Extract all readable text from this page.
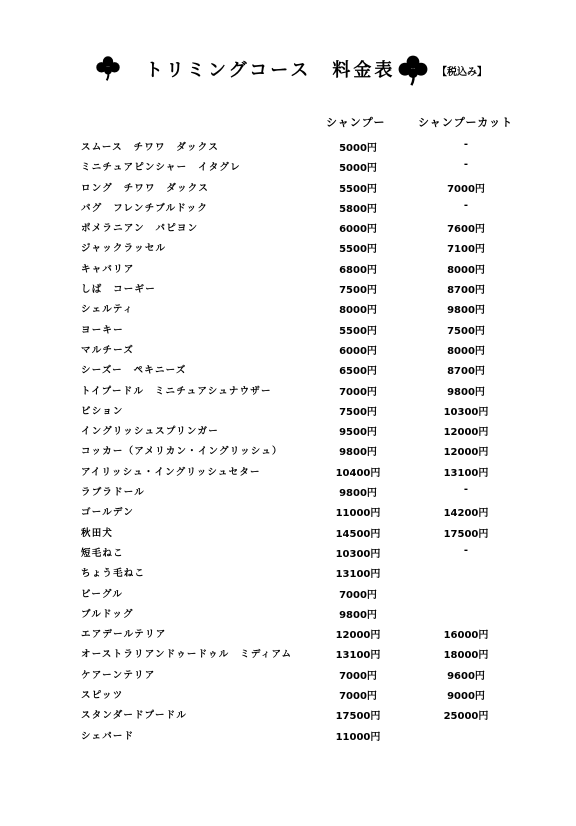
トリミングコース　料金表	【税込み】
シャンプー	シャンプーカット
スムース　チワワ　ダックス	5000円	-
ミニチュアピンシャー　イタグレ	5000円	-
ロング　チワワ　ダックス	5500円	7000円
パグ　フレンチブルドック	5800円	-
ポメラニアン　パピヨン	6000円	7600円
ジャックラッセル	5500円	7100円
キャバリア	6800円	8000円
しば　コーギー	7500円	8700円
シェルティ	8000円	9800円
ヨーキー	5500円	7500円
マルチーズ	6000円	8000円
シーズー　ペキニーズ	6500円	8700円
トイプードル　ミニチュアシュナウザー	7000円	9800円
ビション	7500円	10300円
イングリッシュスプリンガー	9500円	12000円
コッカー（アメリカン・イングリッシュ）	9800円	12000円
アイリッシュ・イングリッシュセター	10400円	13100円
ラブラドール	9800円	-
ゴールデン	11000円	14200円
秋田犬	14500円	17500円
短毛ねこ	10300円	-
ちょう毛ねこ	13100円
ビーグル	7000円
ブルドッグ	9800円
エアデールテリア	12000円	16000円
オーストラリアンドゥードゥル　ミディアム	13100円	18000円
ケアーンテリア	7000円	9600円
スピッツ	7000円	9000円
スタンダードプードル	17500円	25000円
シェパード	11000円
